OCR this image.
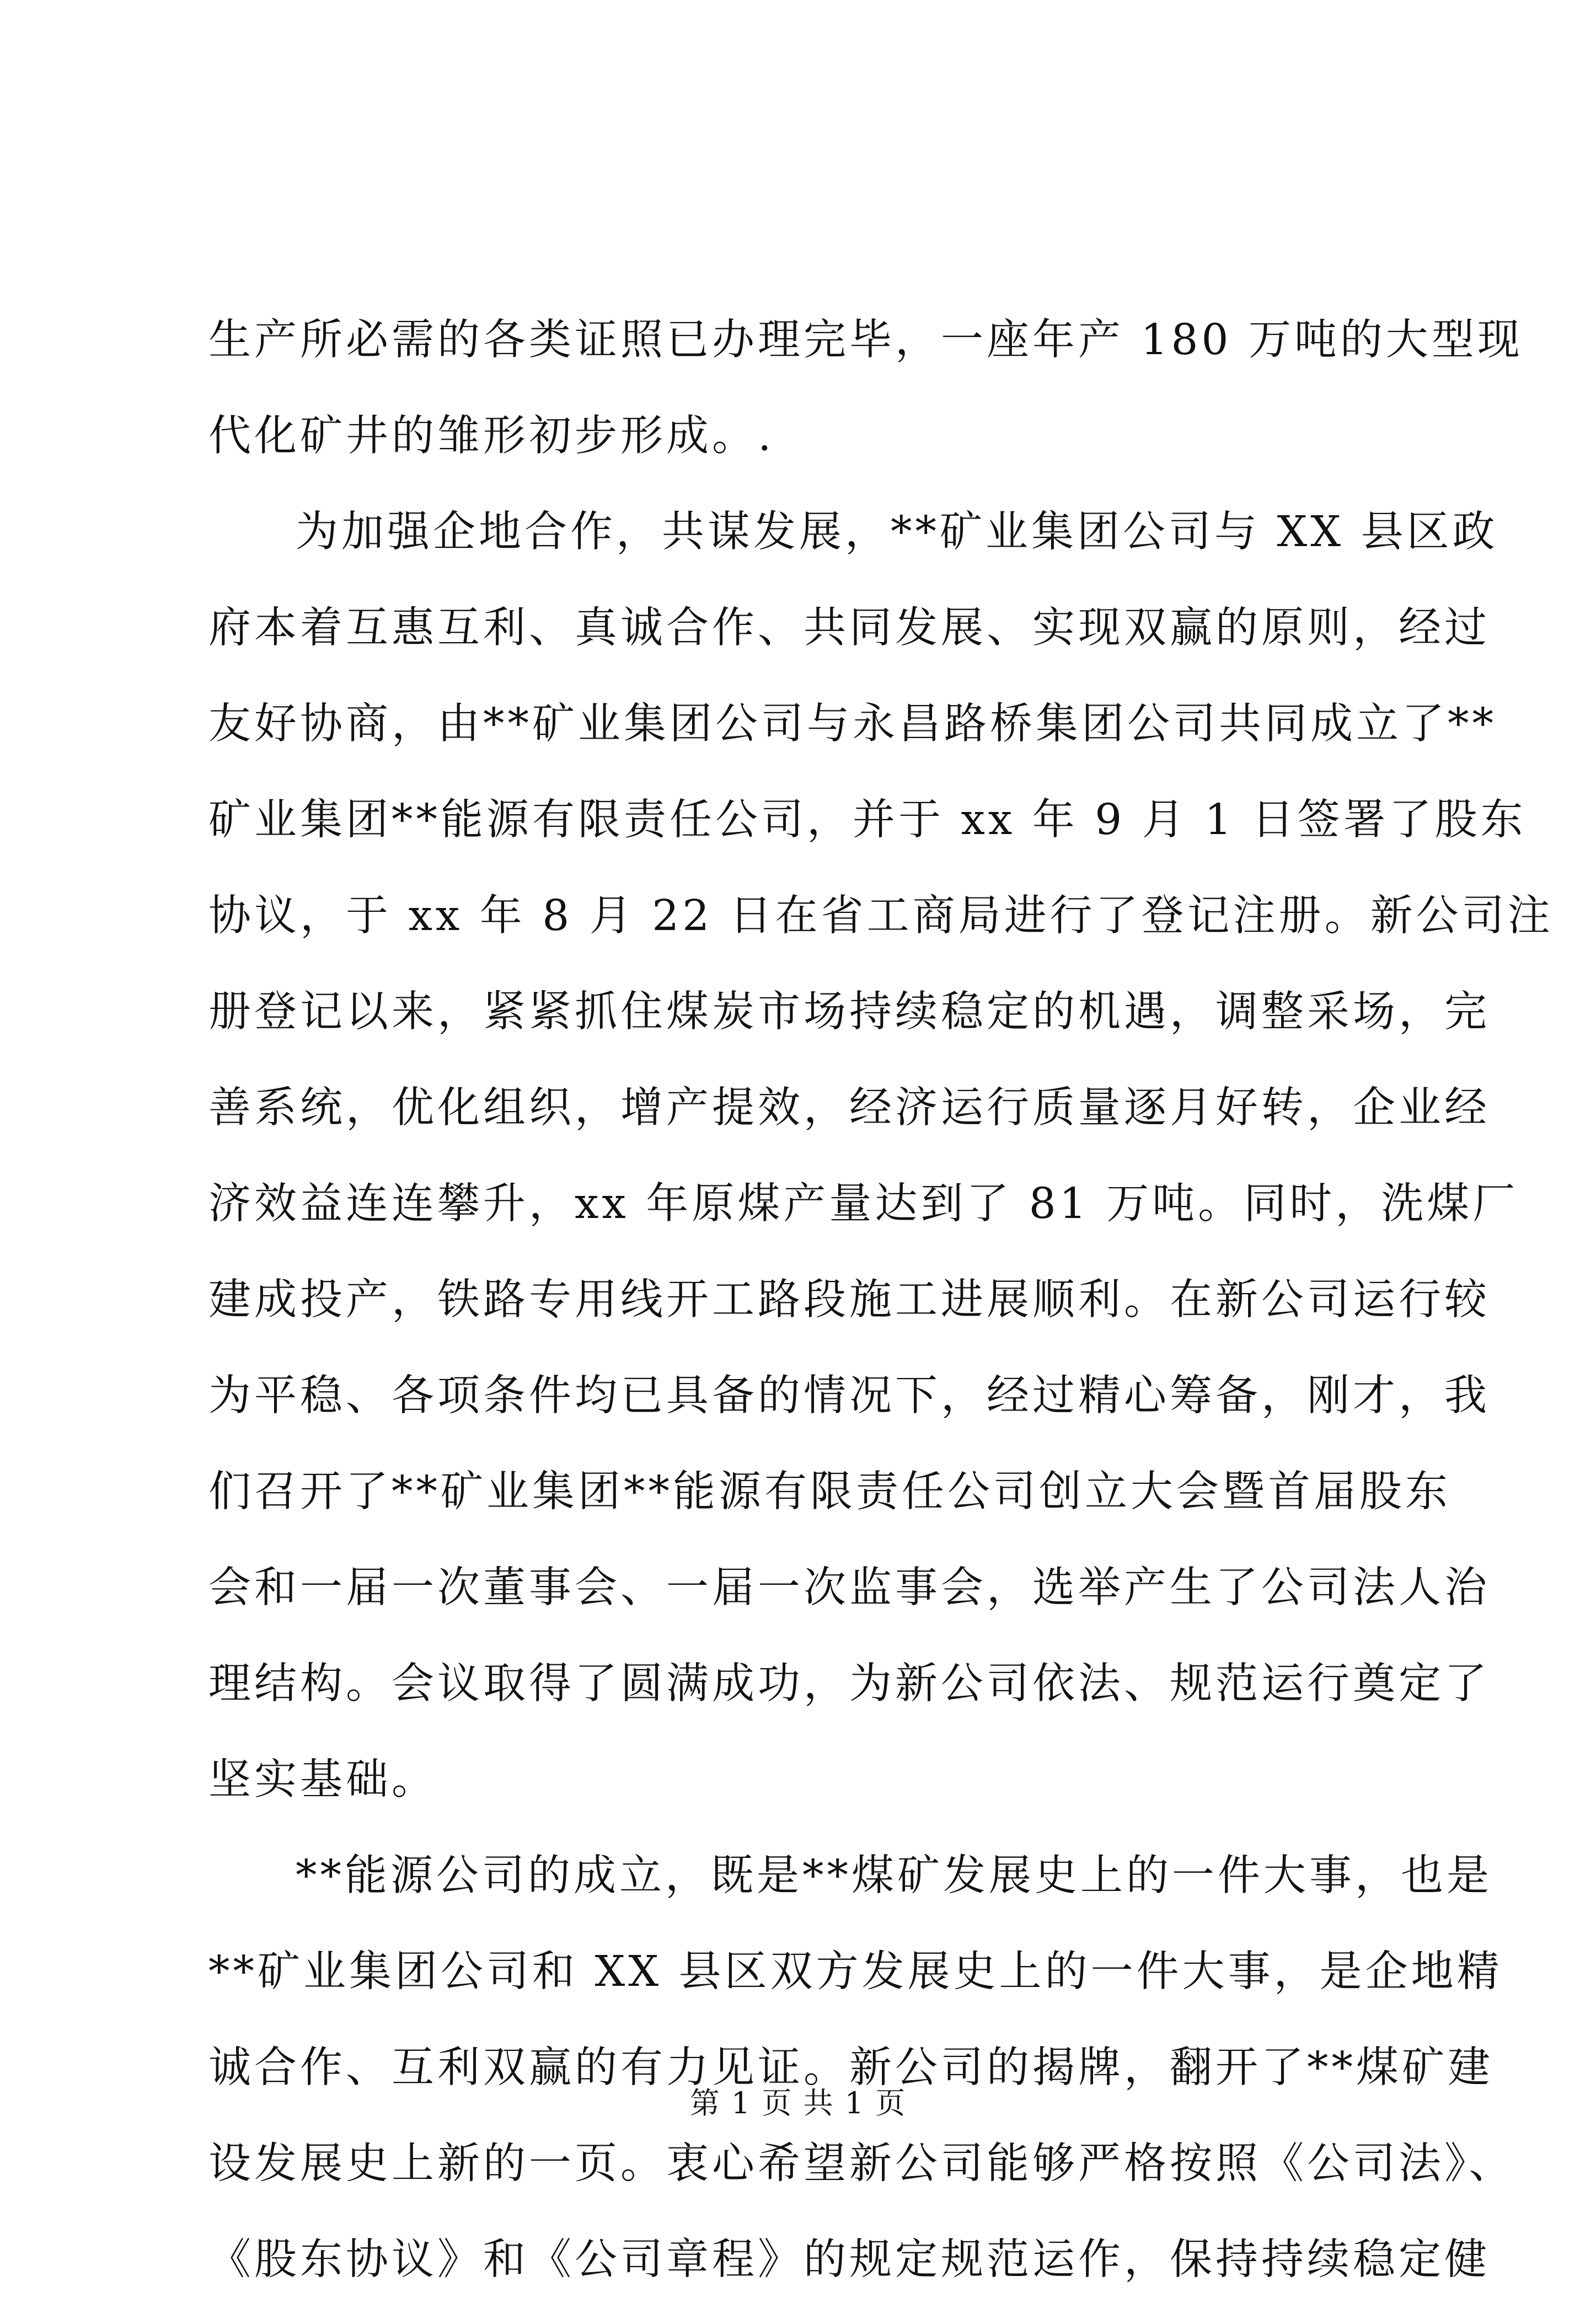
生产所必需的各类证照已办理完毕，一座年产 180 万吨的大型现
代化矿井的雏形初步形成。.
为加强企地合作，共谋发展，**矿业集团公司与 XX 县区政
府本着互惠互利、真诚合作、共同发展、实现双赢的原则，经过
友好协商，由**矿业集团公司与永昌路桥集团公司共同成立了**
矿业集团**能源有限责任公司，并于 xx 年 9 月 1 日签署了股东
协议，于 xx 年 8 月 22 日在省工商局进行了登记注册。新公司注
册登记以来，紧紧抓住煤炭市场持续稳定的机遇，调整采场，完
善系统，优化组织，增产提效，经济运行质量逐月好转，企业经
济效益连连攀升，xx 年原煤产量达到了 81 万吨。同时，洗煤厂
建成投产，铁路专用线开工路段施工进展顺利。在新公司运行较
为平稳、各项条件均已具备的情况下，经过精心筹备，刚才，我
们召开了**矿业集团**能源有限责任公司创立大会暨首届股东
会和一届一次董事会、一届一次监事会，选举产生了公司法人治
理结构。会议取得了圆满成功，为新公司依法、规范运行奠定了
坚实基础。
**能源公司的成立，既是**煤矿发展史上的一件大事，也是
**矿业集团公司和 XX 县区双方发展史上的一件大事，是企地精
诚合作、互利双赢的有力见证。新公司的揭牌，翻开了**煤矿建
设发展史上新的一页。衷心希望新公司能够严格按照《公司法》、
《股东协议》和《公司章程》的规定规范运作，保持持续稳定健
第 1 页 共 1 页
